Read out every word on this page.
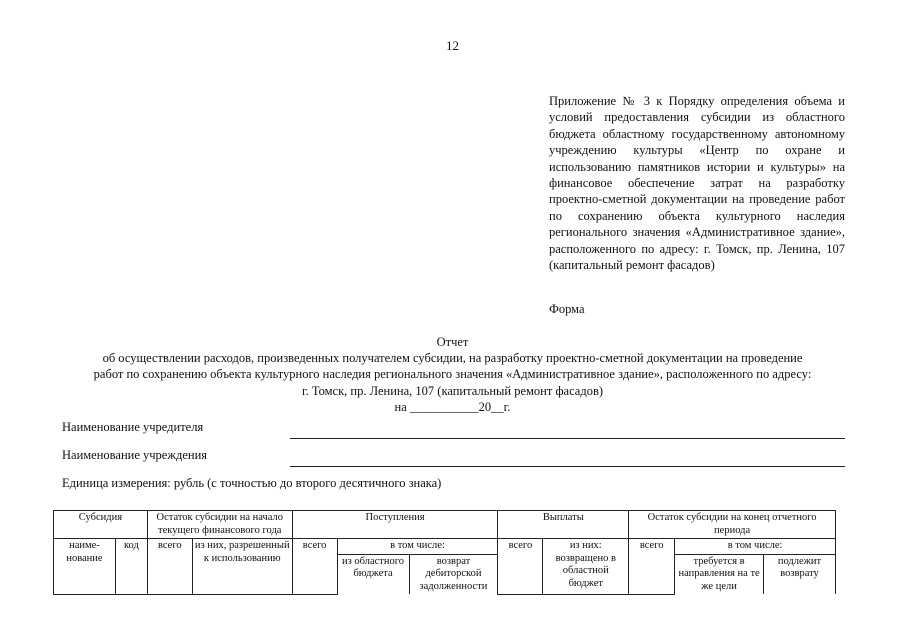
12
Приложение № 3 к Порядку определения объема и условий предоставления субсидии из областного бюджета областному государственному автономному учреждению культуры «Центр по охране и использованию памятников истории и культуры» на финансовое обеспечение затрат на разработку проектно-сметной документации на проведение работ по сохранению объекта культурного наследия регионального значения «Административное здание», расположенного по адресу: г. Томск, пр. Ленина, 107 (капитальный ремонт фасадов)
Форма
Отчет
об осуществлении расходов, произведенных получателем субсидии, на разработку проектно-сметной документации на проведение
работ по сохранению объекта культурного наследия регионального значения «Административное здание», расположенного по адресу:
г. Томск, пр. Ленина, 107 (капитальный ремонт фасадов)
на ___________20__г.
Наименование учредителя
Наименование учреждения
Единица измерения: рубль (с точностью до второго десятичного знака)
Субсидия		Остаток субсидии на начало текущего финансового года		Поступления			Выплаты		Остаток субсидии на конец отчетного периода		
наиме-нование	код	всего	из них, разрешенный к использованию	всего	в том числе:		всего	из них: возвращено в областной бюджет	всего	в том числе:	
					из областного бюджета	возврат дебиторской задолженности				требуется в направления на те же цели	подлежит возврату
